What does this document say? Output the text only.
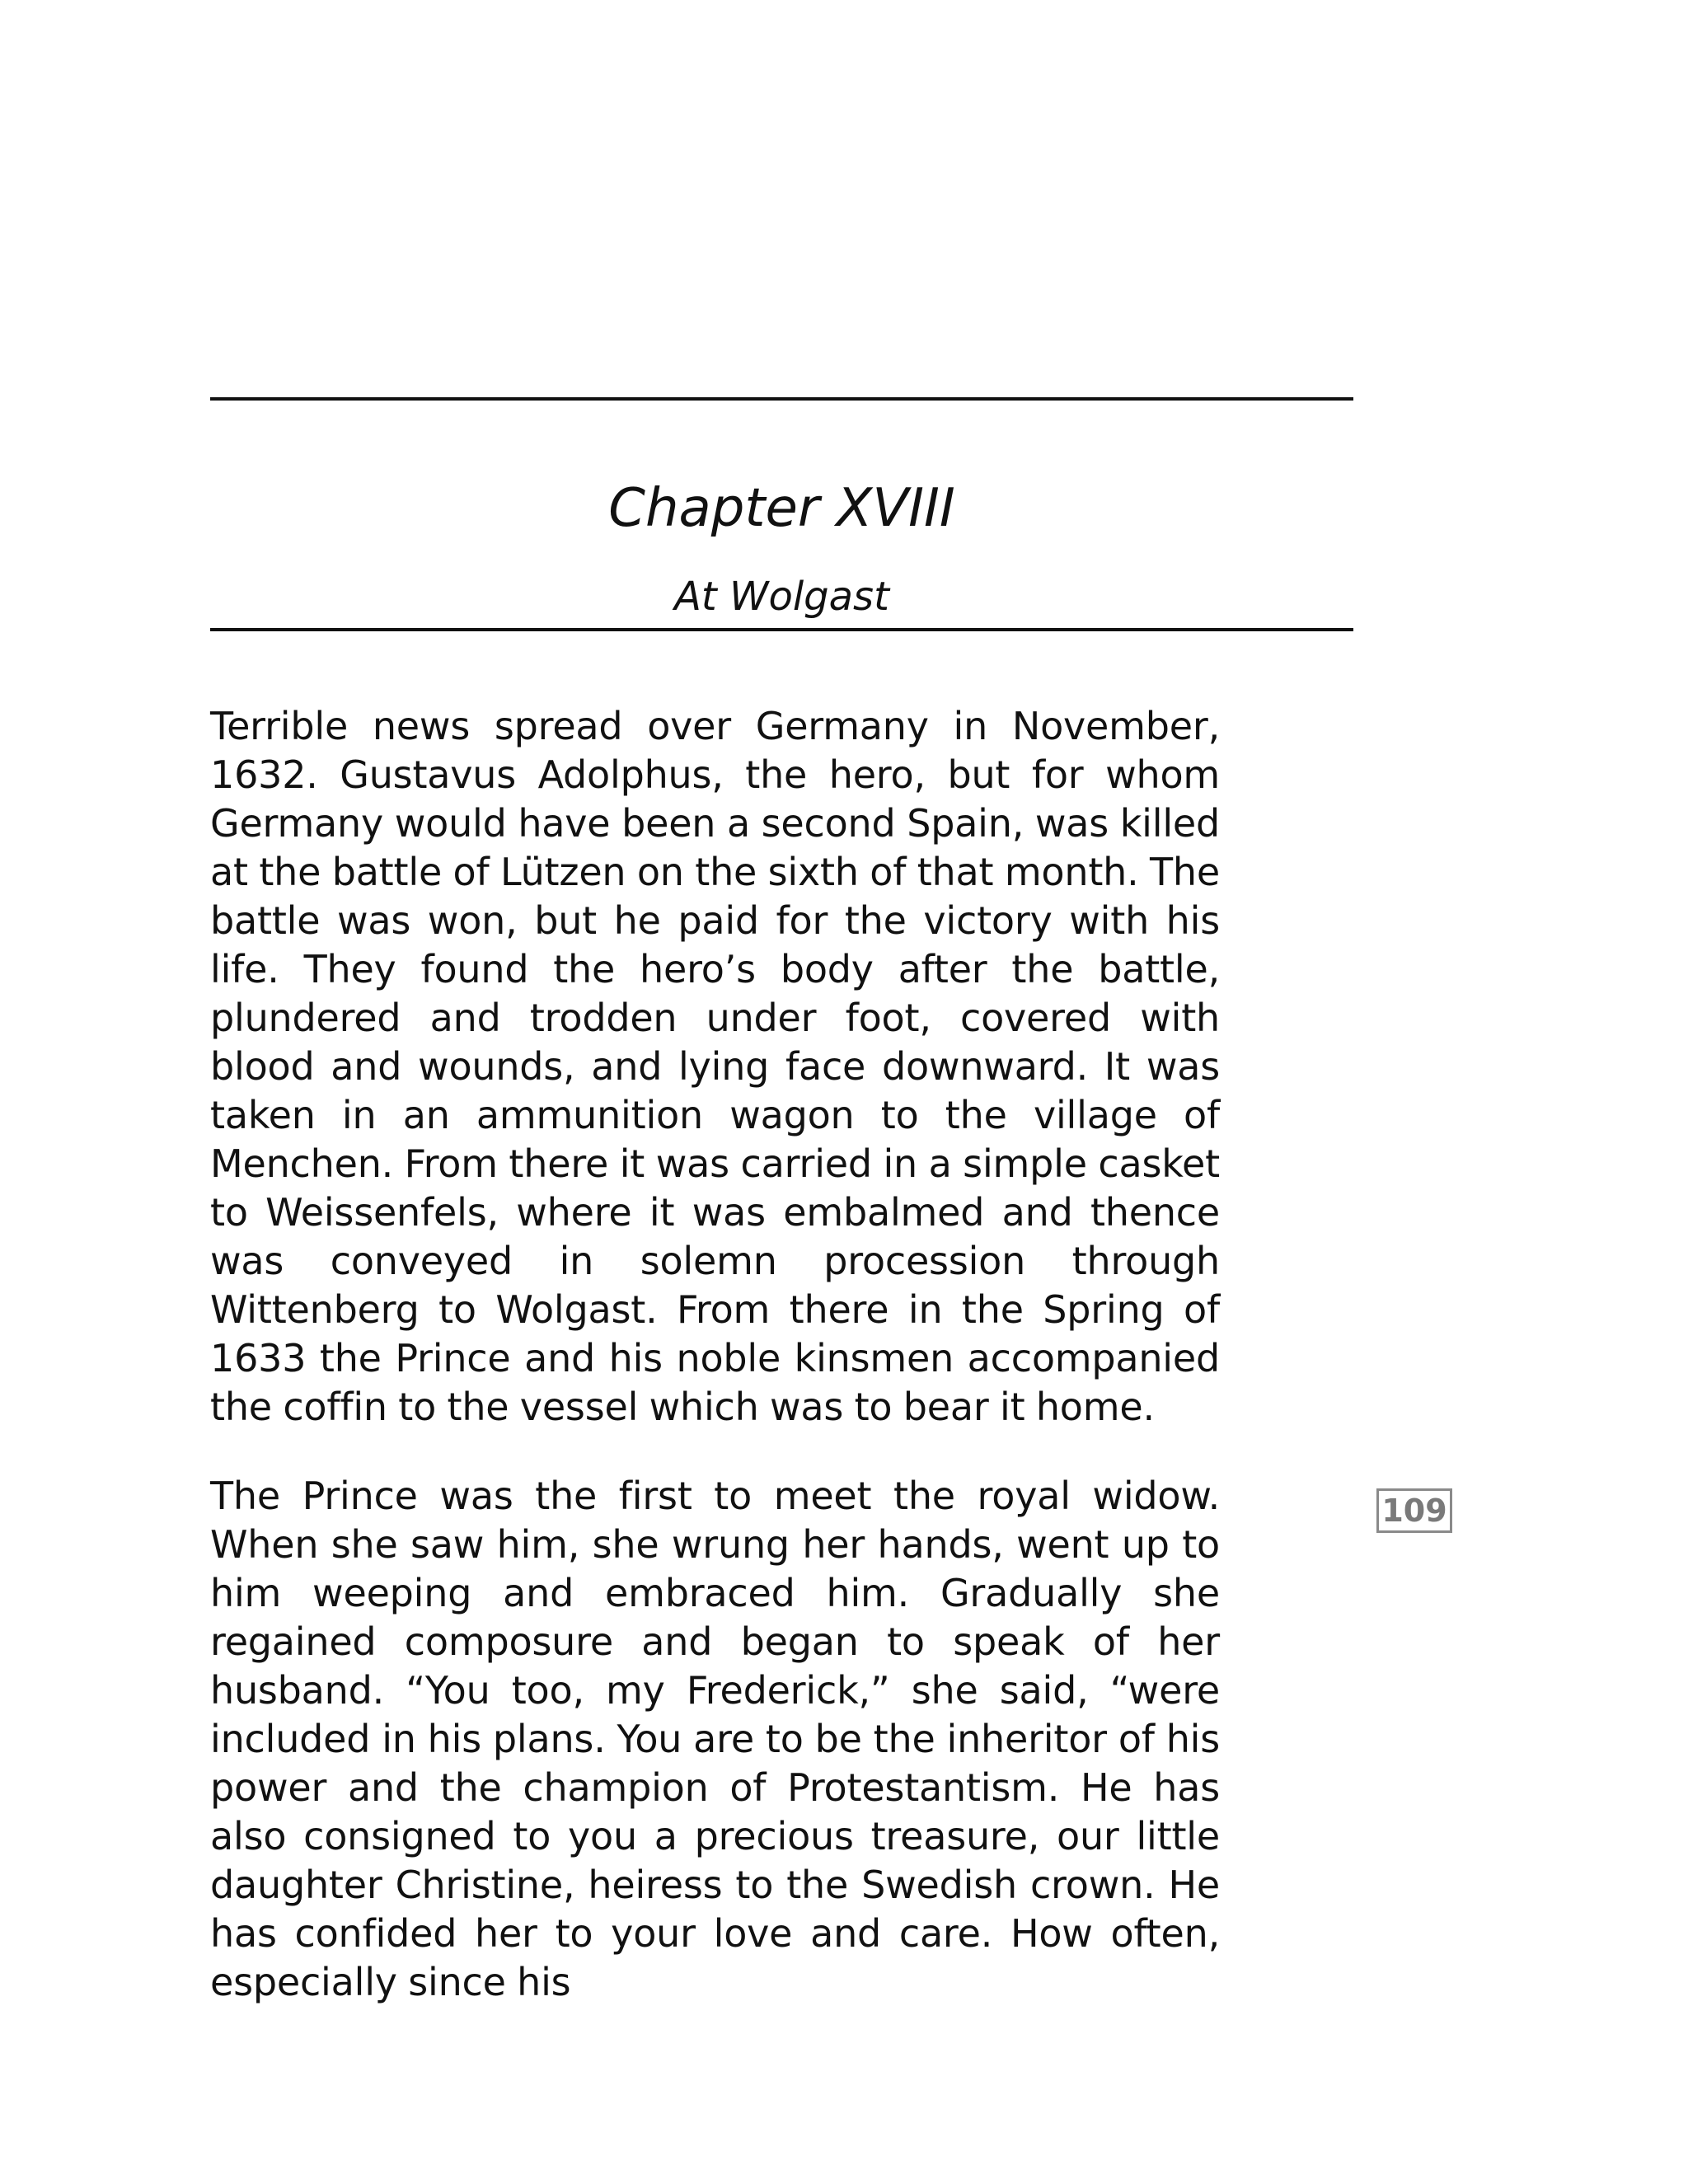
Chapter XVIII
At Wolgast

Terrible news spread over Germany in November, 1632. Gustavus Adolphus, the hero, but for whom Germany would have been a second Spain, was killed at the battle of Lützen on the sixth of that month. The battle was won, but he paid for the victory with his life. They found the hero’s body after the battle, plundered and trodden under foot, covered with blood and wounds, and lying face downward. It was taken in an ammunition wagon to the village of Menchen. From there it was carried in a simple casket to Weissenfels, where it was embalmed and thence was conveyed in solemn procession through Wittenberg to Wolgast. From there in the Spring of 1633 the Prince and his noble kinsmen accompanied the coffin to the vessel which was to bear it home.

The Prince was the first to meet the royal widow. When she saw him, she wrung her hands, went up to him weeping and embraced him. Gradually she regained composure and began to speak of her husband. “You too, my Frederick,” she said, “were included in his plans. You are to be the inheritor of his power and the champion of Protestantism. He has also consigned to you a precious treasure, our little daughter Christine, heiress to the Swedish crown. He has confided her to your love and care. How often, especially since his

109
